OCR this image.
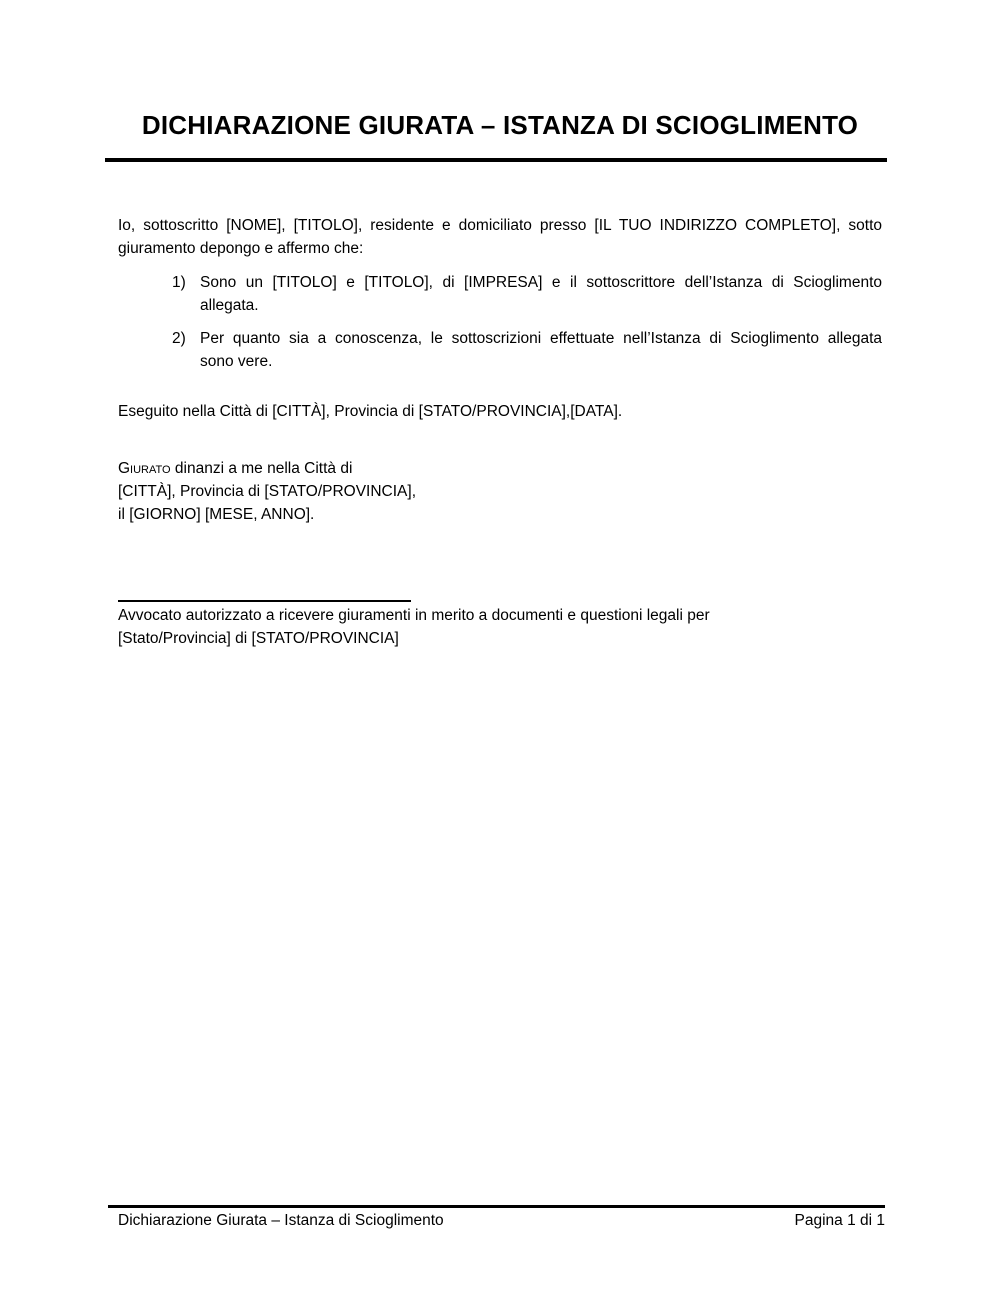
DICHIARAZIONE GIURATA – ISTANZA DI SCIOGLIMENTO
Io, sottoscritto [NOME], [TITOLO], residente e domiciliato presso [IL TUO INDIRIZZO COMPLETO], sotto
giuramento depongo e affermo che:
1) Sono un [TITOLO] e [TITOLO], di [IMPRESA] e il sottoscrittore dell’Istanza di Scioglimento
allegata.
2) Per quanto sia a conoscenza, le sottoscrizioni effettuate nell’Istanza di Scioglimento allegata
sono vere.
Eseguito nella Città di [CITTÀ], Provincia di [STATO/PROVINCIA],[DATA].
Giurato dinanzi a me nella Città di
[CITTÀ], Provincia di [STATO/PROVINCIA],
il [GIORNO] [MESE, ANNO].
Avvocato autorizzato a ricevere giuramenti in merito a documenti e questioni legali per
[Stato/Provincia] di [STATO/PROVINCIA]
Dichiarazione Giurata – Istanza di Scioglimento	Pagina 1 di 1
